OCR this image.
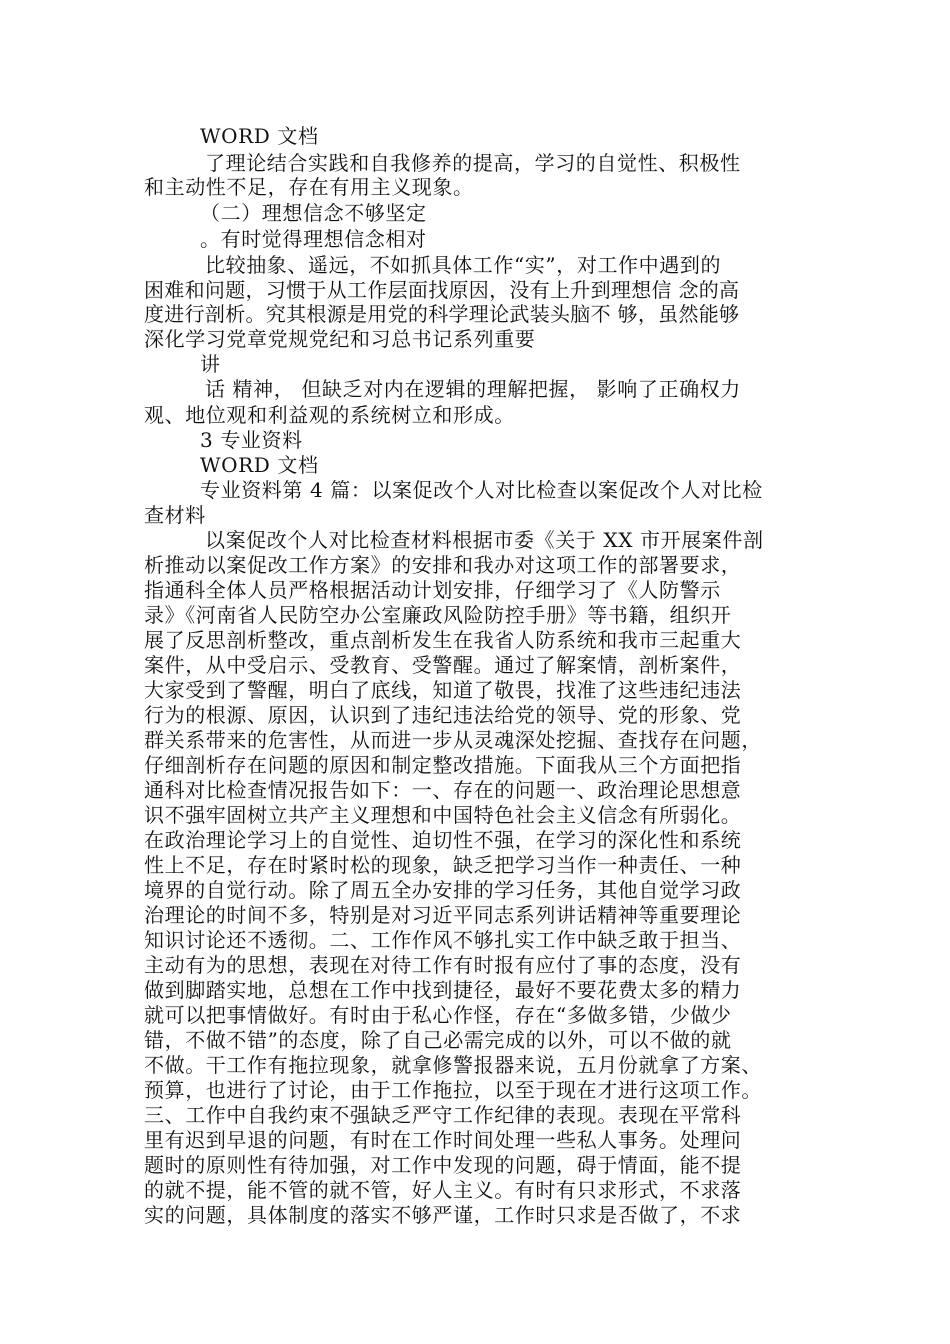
WORD 文档
了理论结合实践和自我修养的提高，学习的自觉性、积极性
和主动性不足，存在有用主义现象。
（二）理想信念不够坚定
。有时觉得理想信念相对
比较抽象、遥远，不如抓具体工作“实”，对工作中遇到的
困难和问题，习惯于从工作层面找原因，没有上升到理想信 念的高
度进行剖析。究其根源是用党的科学理论武装头脑不 够，虽然能够
深化学习党章党规党纪和习总书记系列重要
讲
话 精神， 但缺乏对内在逻辑的理解把握， 影响了正确权力
观、地位观和利益观的系统树立和形成。
3 专业资料
WORD 文档
专业资料第 4 篇：以案促改个人对比检查以案促改个人对比检
查材料
以案促改个人对比检查材料根据市委《关于 XX 市开展案件剖
析推动以案促改工作方案》的安排和我办对这项工作的部署要求，
指通科全体人员严格根据活动计划安排，仔细学习了《人防警示
录》《河南省人民防空办公室廉政风险防控手册》等书籍，组织开
展了反思剖析整改，重点剖析发生在我省人防系统和我市三起重大
案件，从中受启示、受教育、受警醒。通过了解案情，剖析案件，
大家受到了警醒，明白了底线，知道了敬畏，找准了这些违纪违法
行为的根源、原因，认识到了违纪违法给党的领导、党的形象、党
群关系带来的危害性，从而进一步从灵魂深处挖掘、查找存在问题，
仔细剖析存在问题的原因和制定整改措施。下面我从三个方面把指
通科对比检查情况报告如下：一、存在的问题一、政治理论思想意
识不强牢固树立共产主义理想和中国特色社会主义信念有所弱化。
在政治理论学习上的自觉性、迫切性不强，在学习的深化性和系统
性上不足，存在时紧时松的现象，缺乏把学习当作一种责任、一种
境界的自觉行动。除了周五全办安排的学习任务，其他自觉学习政
治理论的时间不多，特别是对习近平同志系列讲话精神等重要理论
知识讨论还不透彻。二、工作作风不够扎实工作中缺乏敢于担当、
主动有为的思想，表现在对待工作有时报有应付了事的态度，没有
做到脚踏实地，总想在工作中找到捷径，最好不要花费太多的精力
就可以把事情做好。有时由于私心作怪，存在“多做多错，少做少
错，不做不错”的态度，除了自己必需完成的以外，可以不做的就
不做。干工作有拖拉现象，就拿修警报器来说，五月份就拿了方案、
预算，也进行了讨论，由于工作拖拉，以至于现在才进行这项工作。
三、工作中自我约束不强缺乏严守工作纪律的表现。表现在平常科
里有迟到早退的问题，有时在工作时间处理一些私人事务。处理问
题时的原则性有待加强，对工作中发现的问题，碍于情面，能不提
的就不提，能不管的就不管，好人主义。有时有只求形式，不求落
实的问题，具体制度的落实不够严谨，工作时只求是否做了，不求
